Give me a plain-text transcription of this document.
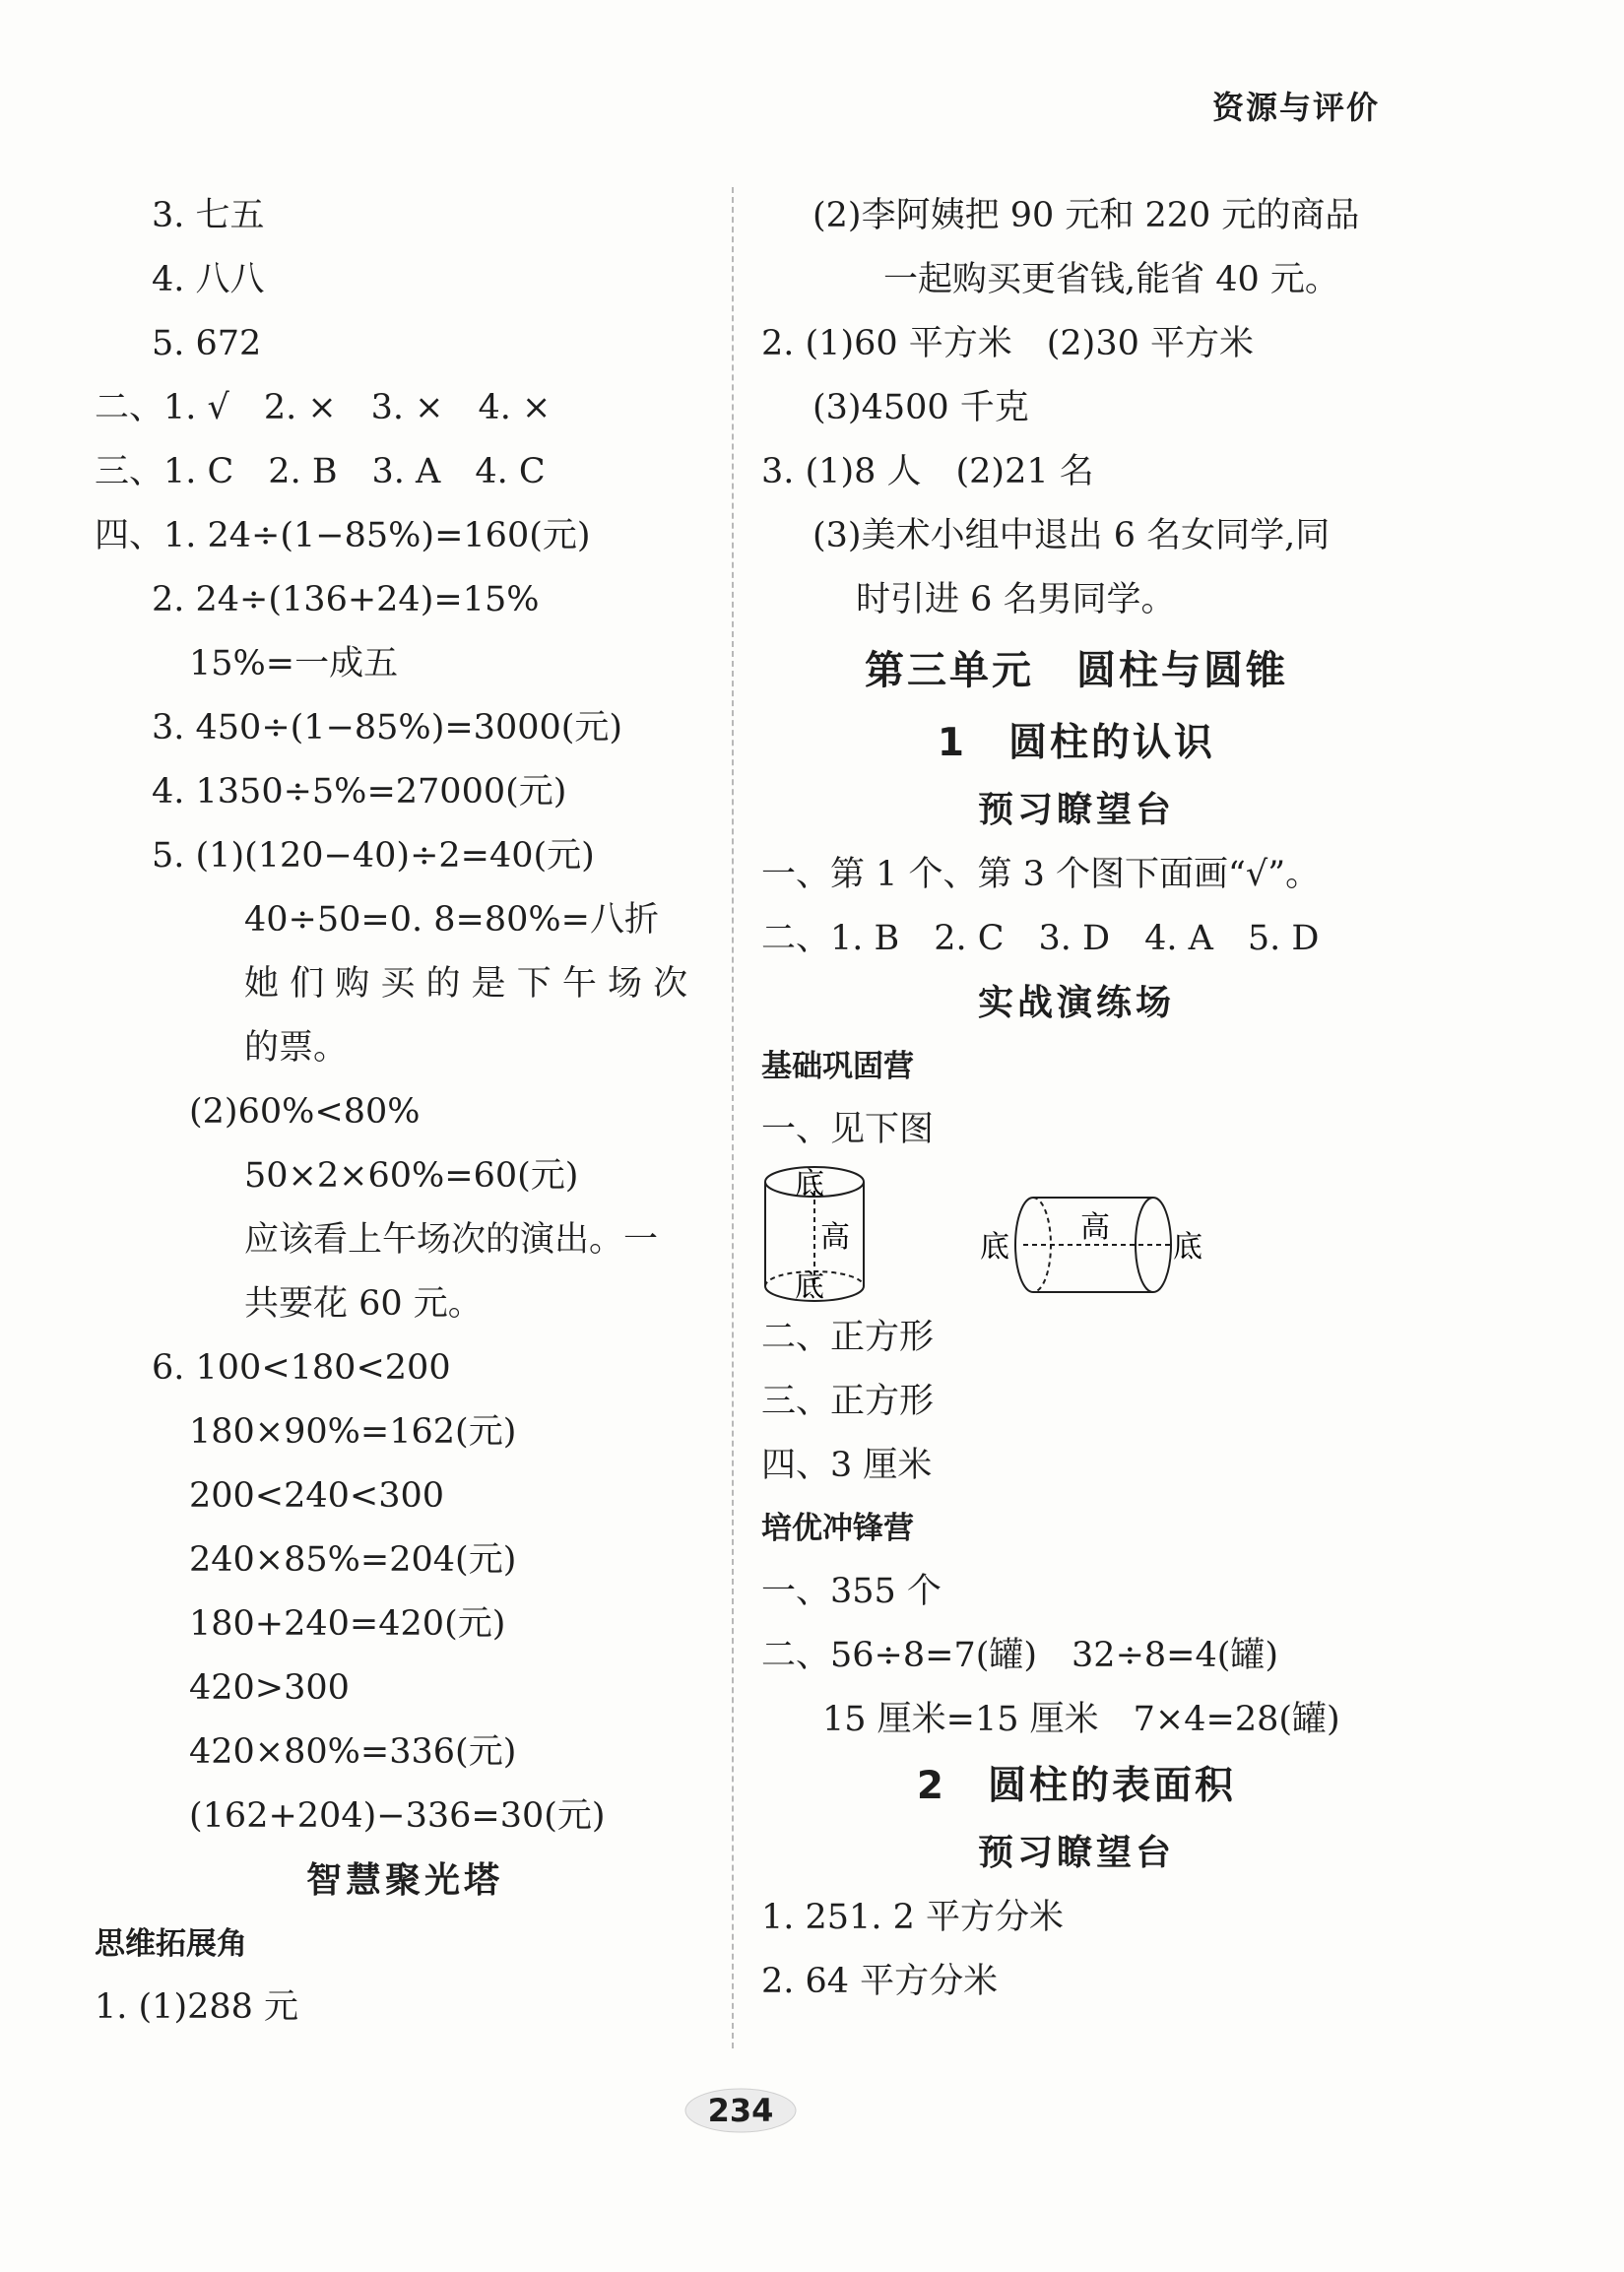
资源与评价
3. 七五
4. 八八
5. 672
二、1. √　2. ×　3. ×　4. ×
三、1. C　2. B　3. A　4. C
四、1. 24÷(1−85%)=160(元)
2. 24÷(136+24)=15%
15%=一成五
3. 450÷(1−85%)=3000(元)
4. 1350÷5%=27000(元)
5. (1)(120−40)÷2=40(元)
40÷50=0. 8=80%=八折
她 们 购 买 的 是 下 午 场 次
的票。
(2)60%<80%
50×2×60%=60(元)
应该看上午场次的演出。一
共要花 60 元。
6. 100<180<200
180×90%=162(元)
200<240<300
240×85%=204(元)
180+240=420(元)
420>300
420×80%=336(元)
(162+204)−336=30(元)
智慧聚光塔
思维拓展角
1. (1)288 元
(2)李阿姨把 90 元和 220 元的商品
一起购买更省钱,能省 40 元。
2. (1)60 平方米　(2)30 平方米
(3)4500 千克
3. (1)8 人　(2)21 名
(3)美术小组中退出 6 名女同学,同
时引进 6 名男同学。
第三单元　圆柱与圆锥
1　圆柱的认识
预习瞭望台
一、第 1 个、第 3 个图下面画“√”。
二、1. B　2. C　3. D　4. A　5. D
实战演练场
基础巩固营
一、见下图
底
高
底
底
高
底
二、正方形
三、正方形
四、3 厘米
培优冲锋营
一、355 个
二、56÷8=7(罐)　32÷8=4(罐)
15 厘米=15 厘米　7×4=28(罐)
2　圆柱的表面积
预习瞭望台
1. 251. 2 平方分米
2. 64 平方分米
234
